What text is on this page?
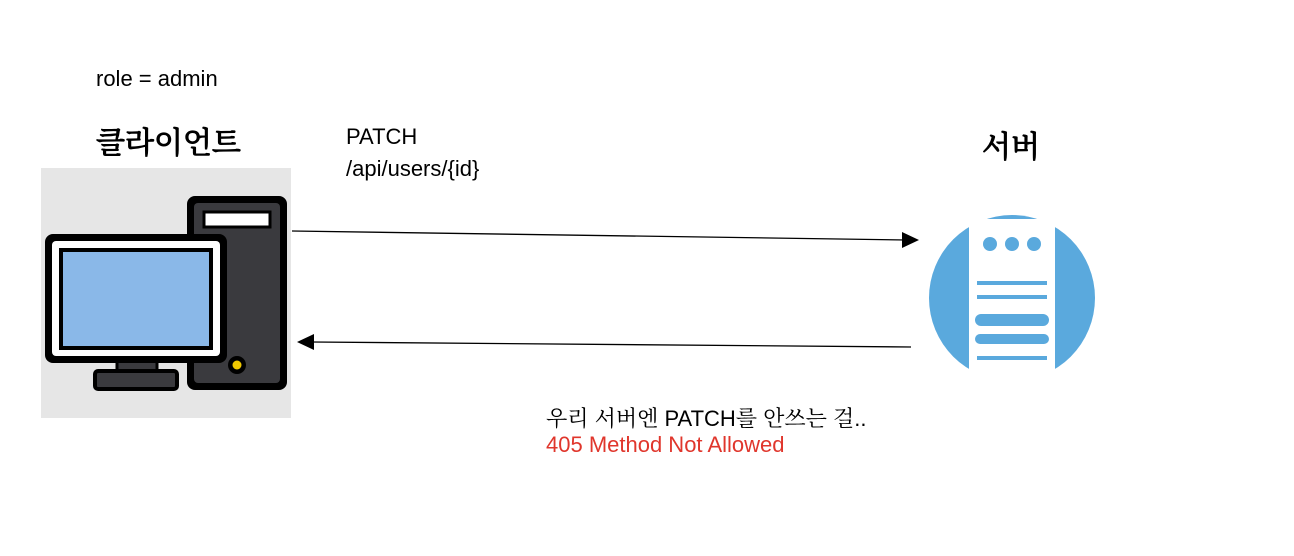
role = admin
클라이언트	서버
PATCH
/api/users/{id}
우리 서버엔 PATCH를 안쓰는 걸..
405 Method Not Allowed
